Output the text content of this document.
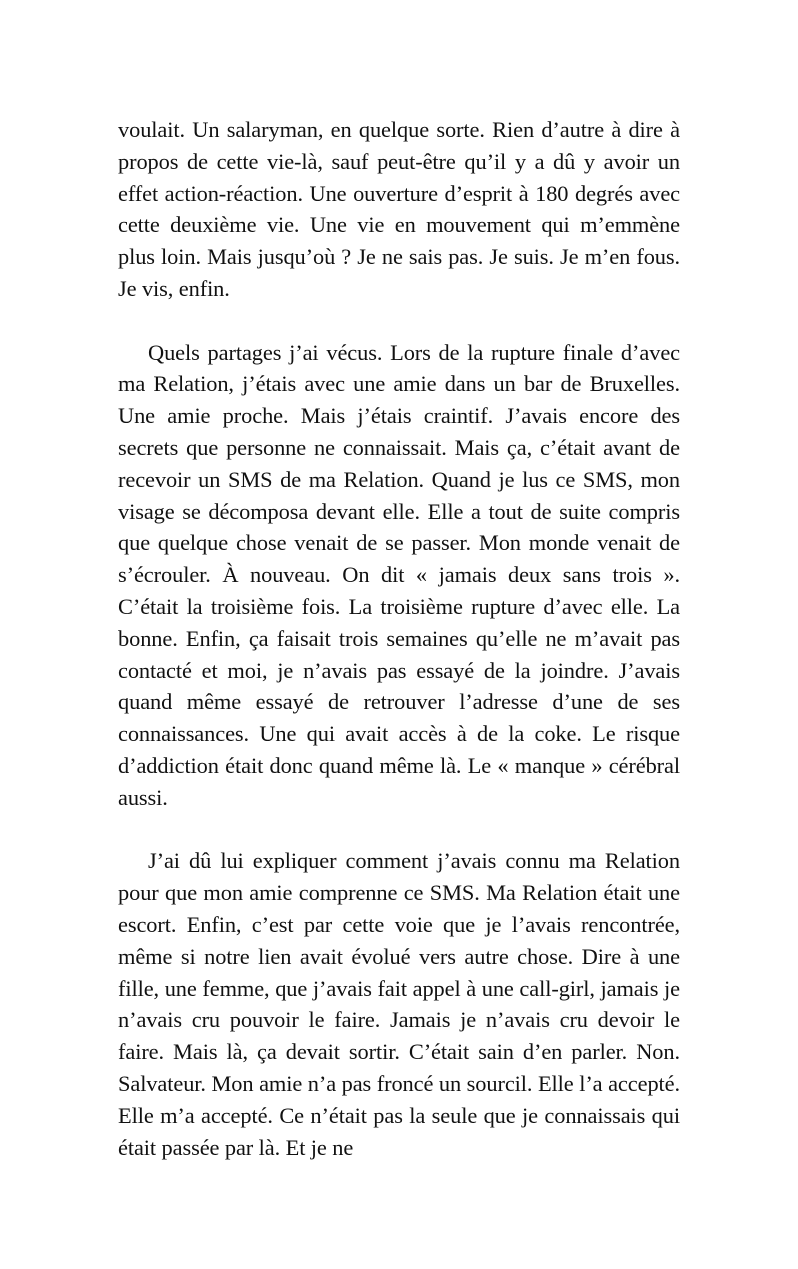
voulait. Un salaryman, en quelque sorte. Rien d’autre à dire à propos de cette vie-là, sauf peut-être qu’il y a dû y avoir un effet action-réaction. Une ouverture d’esprit à 180 degrés avec cette deuxième vie. Une vie en mouvement qui m’emmène plus loin. Mais jusqu’où ? Je ne sais pas. Je suis. Je m’en fous. Je vis, enfin.

Quels partages j’ai vécus. Lors de la rupture finale d’avec ma Relation, j’étais avec une amie dans un bar de Bruxelles. Une amie proche. Mais j’étais craintif. J’avais encore des secrets que personne ne connaissait. Mais ça, c’était avant de recevoir un SMS de ma Relation. Quand je lus ce SMS, mon visage se décomposa devant elle. Elle a tout de suite compris que quelque chose venait de se passer. Mon monde venait de s’écrouler. À nouveau. On dit « jamais deux sans trois ». C’était la troisième fois. La troisième rupture d’avec elle. La bonne. Enfin, ça faisait trois semaines qu’elle ne m’avait pas contacté et moi, je n’avais pas essayé de la joindre. J’avais quand même essayé de retrouver l’adresse d’une de ses connaissances. Une qui avait accès à de la coke. Le risque d’addiction était donc quand même là. Le « manque » cérébral aussi.

J’ai dû lui expliquer comment j’avais connu ma Relation pour que mon amie comprenne ce SMS. Ma Relation était une escort. Enfin, c’est par cette voie que je l’avais rencontrée, même si notre lien avait évolué vers autre chose. Dire à une fille, une femme, que j’avais fait appel à une call-girl, jamais je n’avais cru pouvoir le faire. Jamais je n’avais cru devoir le faire. Mais là, ça devait sortir. C’était sain d’en parler. Non. Salvateur. Mon amie n’a pas froncé un sourcil. Elle l’a accepté. Elle m’a accepté. Ce n’était pas la seule que je connaissais qui était passée par là. Et je ne
